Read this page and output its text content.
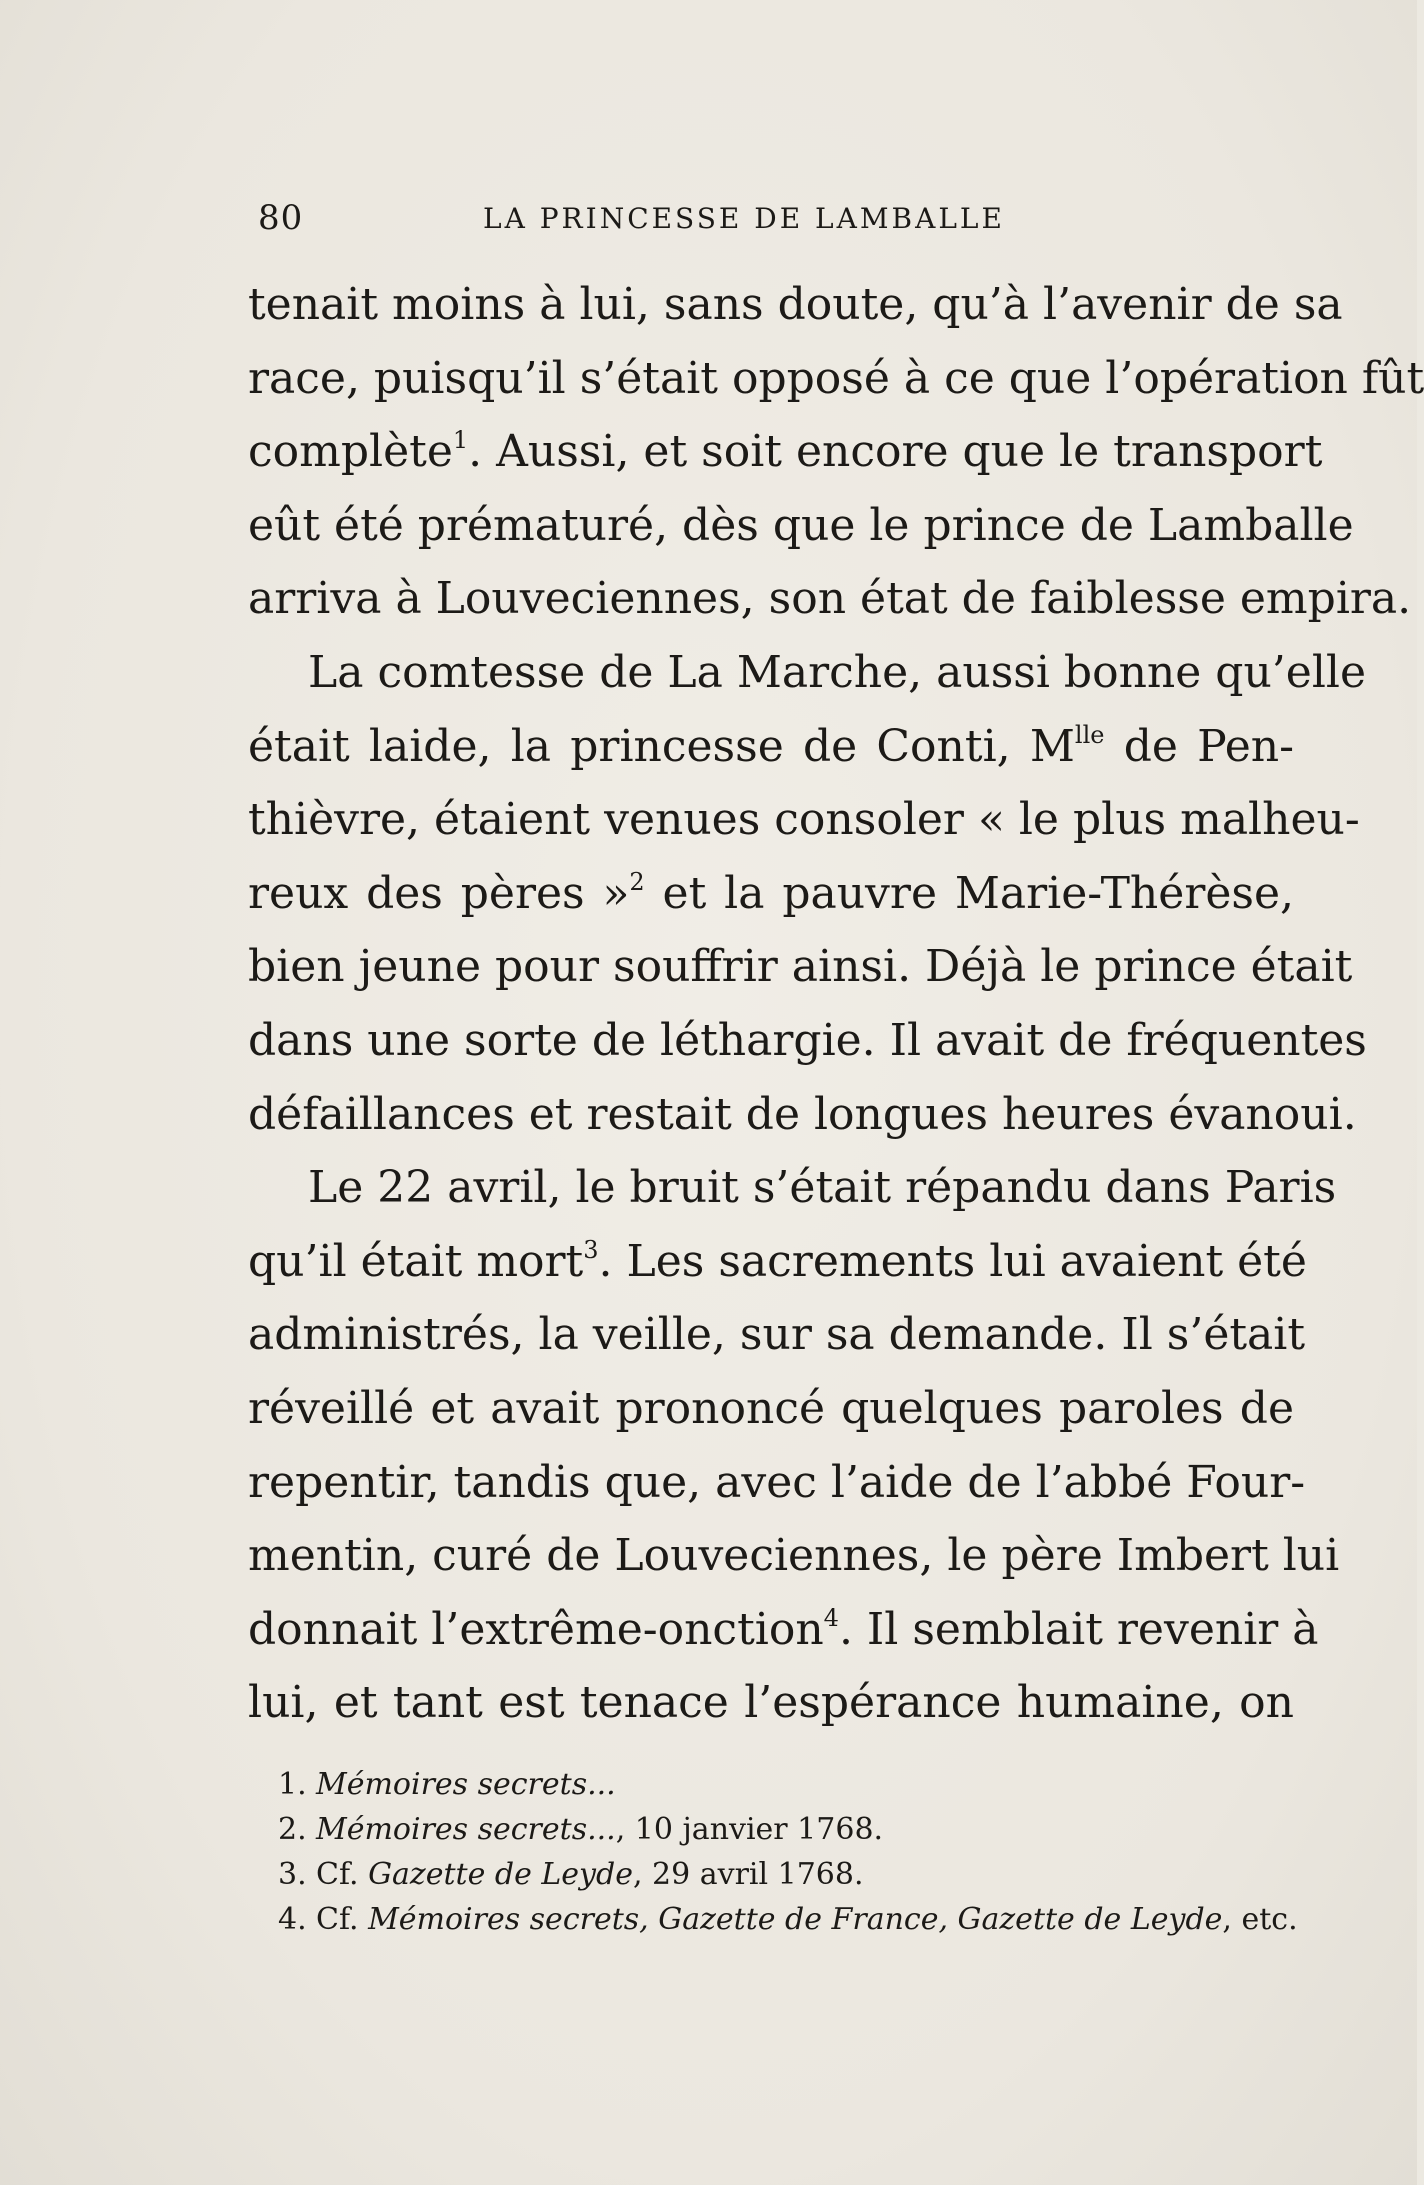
80	LA PRINCESSE DE LAMBALLE
tenait moins à lui, sans doute, qu’à l’avenir de sa
race, puisqu’il s’était opposé à ce que l’opération fût
complète$^1$. Aussi, et soit encore que le transport
eût été prématuré, dès que le prince de Lamballe
arriva à Louveciennes, son état de faiblesse empira.
La comtesse de La Marche, aussi bonne qu’elle
était laide, la princesse de Conti, $M^{lle}$ de Pen-
thièvre, étaient venues consoler « le plus malheu-
reux des pères »$^2$ et la pauvre Marie-Thérèse,
bien jeune pour souffrir ainsi. Déjà le prince était
dans une sorte de léthargie. Il avait de fréquentes
défaillances et restait de longues heures évanoui.
Le 22 avril, le bruit s’était répandu dans Paris
qu’il était mort$^3$. Les sacrements lui avaient été
administrés, la veille, sur sa demande. Il s’était
réveillé et avait prononcé quelques paroles de
repentir, tandis que, avec l’aide de l’abbé Four-
mentin, curé de Louveciennes, le père Imbert lui
donnait l’extrême-onction$^4$. Il semblait revenir à
lui, et tant est tenace l’espérance humaine, on
1. Mémoires secrets...
2. Mémoires secrets..., 10 janvier 1768.
3. Cf. Gazette de Leyde, 29 avril 1768.
4. Cf. Mémoires secrets, Gazette de France, Gazette de Leyde, etc.
